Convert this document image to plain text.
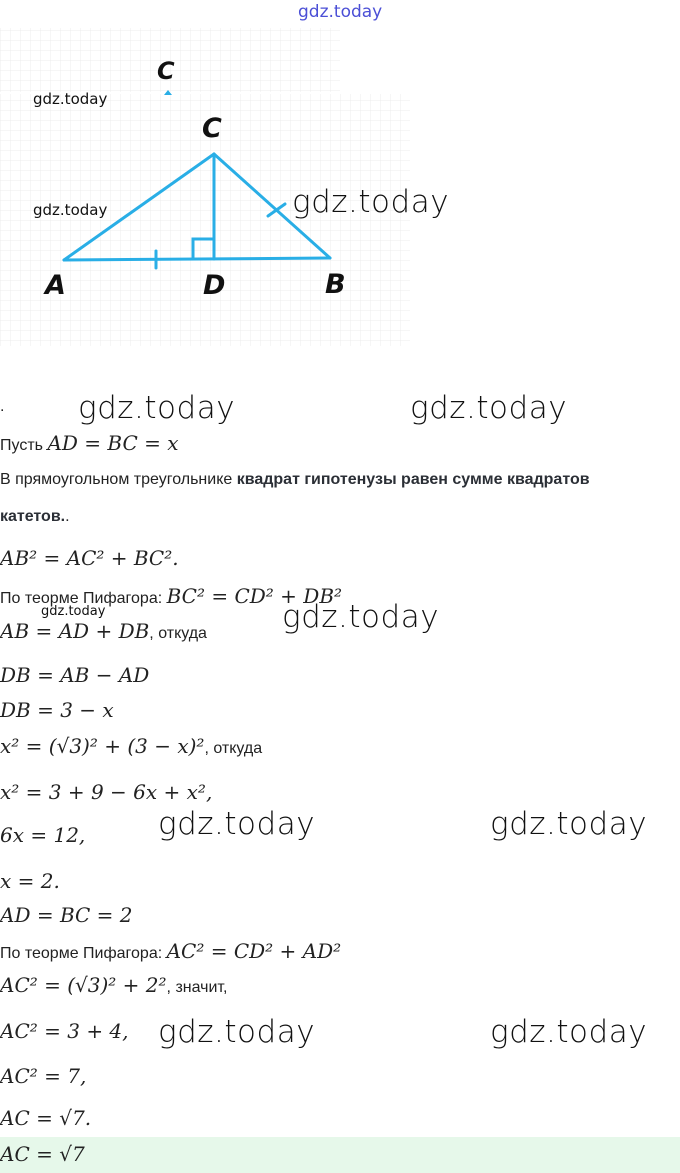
gdz.today
C
C
A	D	B
gdz.today
gdz.today	gdz.today
gdz.today	gdz.today
gdz.today	gdz.today
gdz.today	gdz.today
gdz.today	gdz.today
.
Пусть AD = BC = x
В прямоугольном треугольнике квадрат гипотенузы равен сумме квадратов
катетов..
AB² = AC² + BC².
По теорме Пифагора: BC² = CD² + DB²
AB = AD + DB, откуда
DB = AB − AD
DB = 3 − x
x² = (√3)² + (3 − x)², откуда
x² = 3 + 9 − 6x + x²,
6x = 12,
x = 2.
AD = BC = 2
По теорме Пифагора: AC² = CD² + AD²
AC² = (√3)² + 2², значит,
AC² = 3 + 4,
AC² = 7,
AC = √7.
AC = √7
